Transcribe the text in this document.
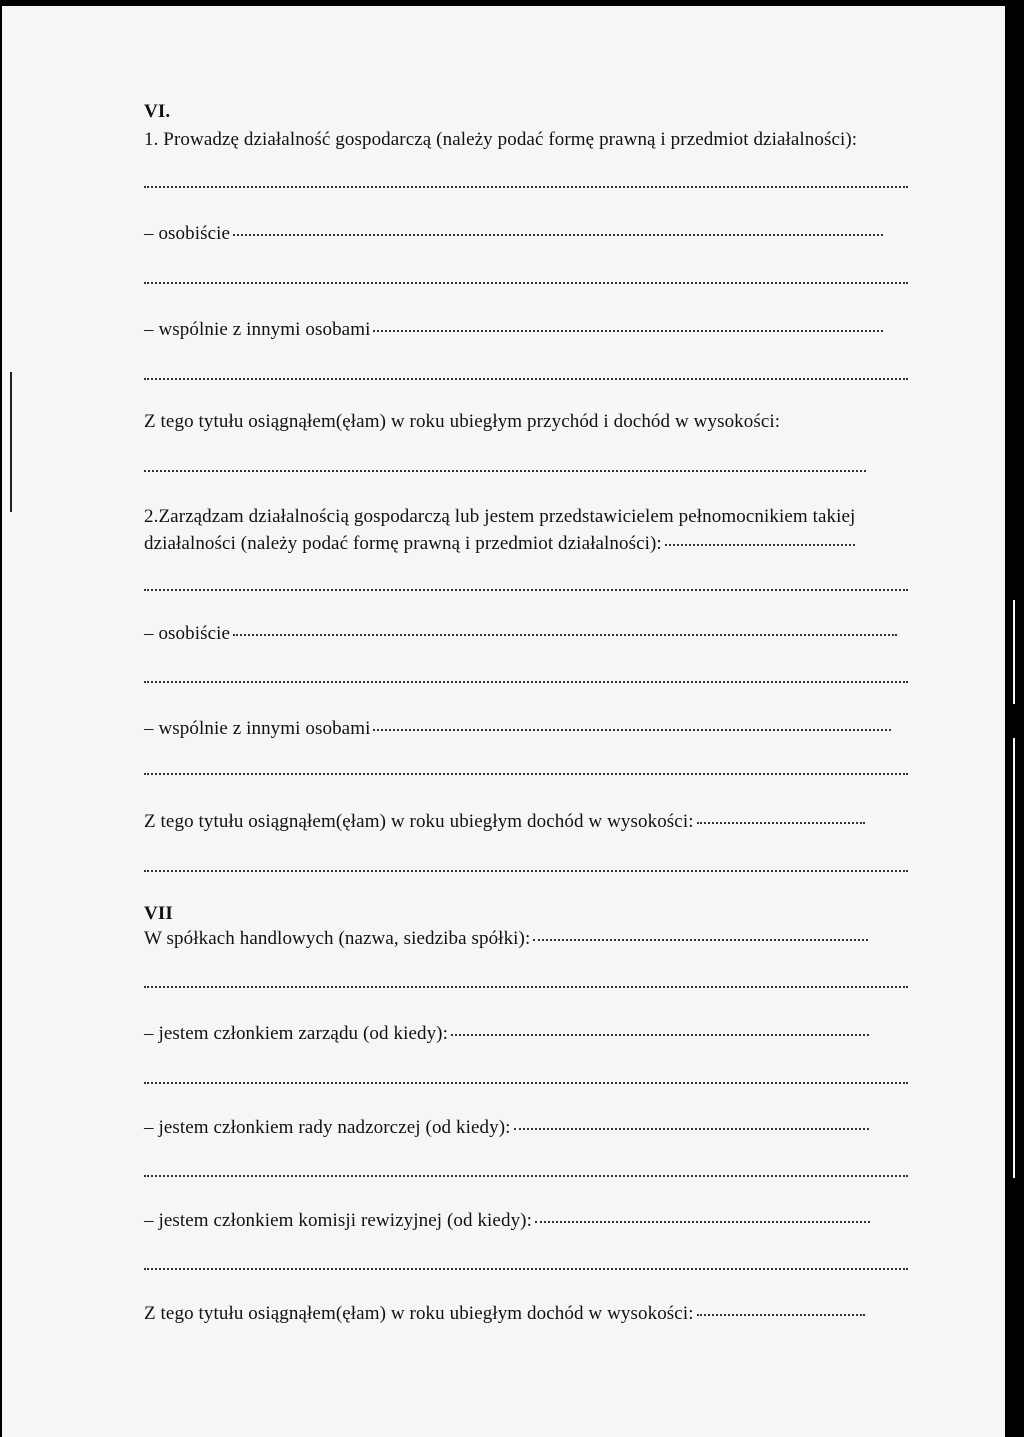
VI.
1. Prowadzę działalność gospodarczą (należy podać formę prawną i przedmiot działalności):
– osobiście
– wspólnie z innymi osobami
Z tego tytułu osiągnąłem(ęłam) w roku ubiegłym przychód i dochód w wysokości:
2.Zarządzam działalnością gospodarczą lub jestem przedstawicielem pełnomocnikiem takiej
działalności (należy podać formę prawną i przedmiot działalności):
– osobiście
– wspólnie z innymi osobami
Z tego tytułu osiągnąłem(ęłam) w roku ubiegłym dochód w wysokości:
VII
W spółkach handlowych (nazwa, siedziba spółki):
– jestem członkiem zarządu (od kiedy):
– jestem członkiem rady nadzorczej (od kiedy):
– jestem członkiem komisji rewizyjnej (od kiedy):
Z tego tytułu osiągnąłem(ęłam) w roku ubiegłym dochód w wysokości:
